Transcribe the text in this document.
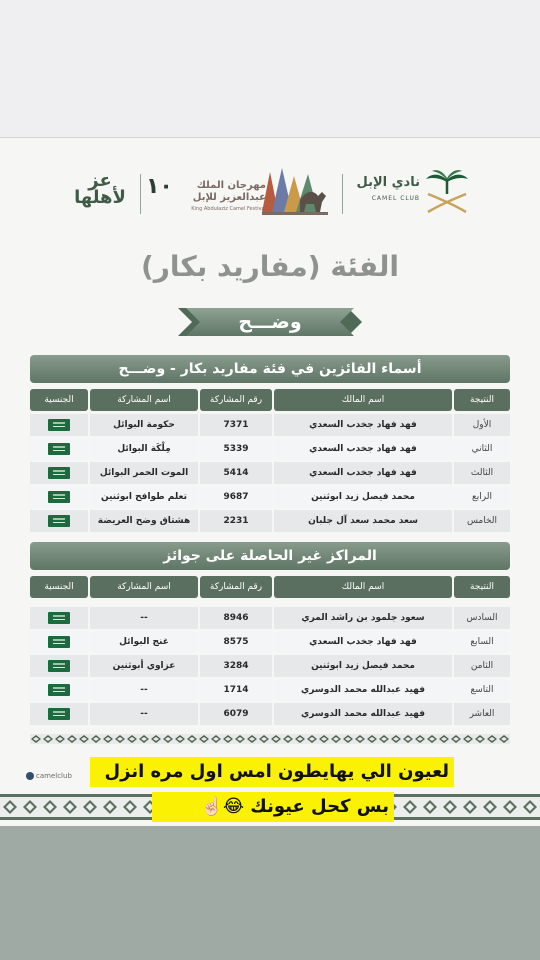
نادي الإبل
CAMEL CLUB
مهرجان الملك عبدالعزيز للإبل
King Abdulaziz Camel Festival
١٠
عز لأهلها
الفئة (مفاريد بكار)
وضـــح
أسماء الفائزين في فئة مفاريد بكار - وضـــح
الجنسية	اسم المشاركة	رقم المشاركة	اسم المالك	النتيجة
حكومة البوائل	7371	فهد فهاد جخدب السعدي	الأول
مِلْكَة البوائل	5339	فهد فهاد جخدب السعدي	الثاني
الموت الحمر البوائل	5414	فهد فهاد جخدب السعدي	الثالث
تعلم طوافح ابوثنين	9687	محمد فيصل زيد ابوثنين	الرابع
هشتاق وضح العريضة	2231	سعد محمد سعد آل جلبان	الخامس
المراكز غير الحاصلة على جوائز
الجنسية	اسم المشاركة	رقم المشاركة	اسم المالك	النتيجة
--	8946	سعود جلمود بن راشد المري	السادس
غنج البوائل	8575	فهد فهاد جخدب السعدي	السابع
عزاوي أبوثنين	3284	محمد فيصل زيد ابوثنين	الثامن
--	1714	فهيد عبدالله محمد الدوسري	التاسع
--	6079	فهيد عبدالله محمد الدوسري	العاشر
camelclub	لعيون الي يهايطون امس اول مره انزل
بس كحل عيونك 😂☝🏻
